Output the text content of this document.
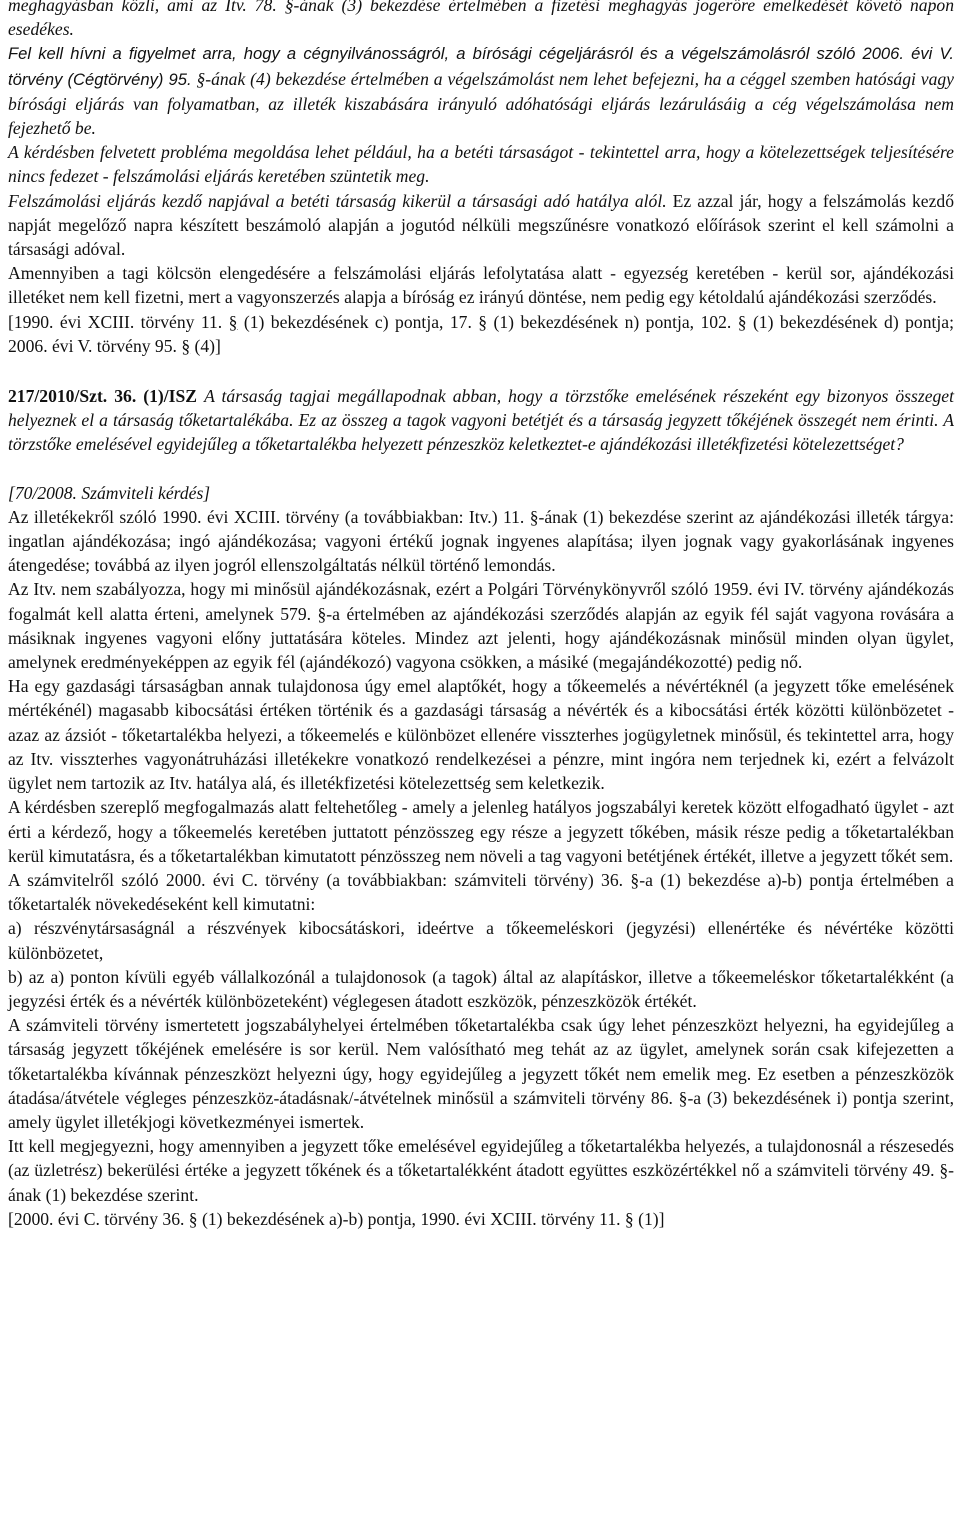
meghagyásban közli, ami az Itv. 78. §-ának (3) bekezdése értelmében a fizetési meghagyás jogerőre emelkedését követő napon esedékes.

Fel kell hívni a figyelmet arra, hogy a cégnyilvánosságról, a bírósági cégeljárásról és a végelszámolásról szóló 2006. évi V. törvény (Cégtörvény) 95. §-ának (4) bekezdése értelmében a végelszámolást nem lehet befejezni, ha a céggel szemben hatósági vagy bírósági eljárás van folyamatban, az illeték kiszabására irányuló adóhatósági eljárás lezárulásáig a cég végelszámolása nem fejezhető be.

A kérdésben felvetett probléma megoldása lehet például, ha a betéti társaságot - tekintettel arra, hogy a kötelezettségek teljesítésére nincs fedezet - felszámolási eljárás keretében szüntetik meg.

Felszámolási eljárás kezdő napjával a betéti társaság kikerül a társasági adó hatálya alól. Ez azzal jár, hogy a felszámolás kezdő napját megelőző napra készített beszámoló alapján a jogutód nélküli megszűnésre vonatkozó előírások szerint el kell számolni a társasági adóval.

Amennyiben a tagi kölcsön elengedésére a felszámolási eljárás lefolytatása alatt - egyezség keretében - kerül sor, ajándékozási illetéket nem kell fizetni, mert a vagyonszerzés alapja a bíróság ez irányú döntése, nem pedig egy kétoldalú ajándékozási szerződés.

[1990. évi XCIII. törvény 11. § (1) bekezdésének c) pontja, 17. § (1) bekezdésének n) pontja, 102. § (1) bekezdésének d) pontja; 2006. évi V. törvény 95. § (4)]

217/2010/Szt. 36. (1)/ISZ A társaság tagjai megállapodnak abban, hogy a törzstőke emelésének részeként egy bizonyos összeget helyeznek el a társaság tőketartalékába. Ez az összeg a tagok vagyoni betétjét és a társaság jegyzett tőkéjének összegét nem érinti. A törzstőke emelésével egyidejűleg a tőketartalékba helyezett pénzeszköz keletkeztet-e ajándékozási illetékfizetési kötelezettséget?

[70/2008. Számviteli kérdés]

Az illetékekről szóló 1990. évi XCIII. törvény (a továbbiakban: Itv.) 11. §-ának (1) bekezdése szerint az ajándékozási illeték tárgya: ingatlan ajándékozása; ingó ajándékozása; vagyoni értékű jognak ingyenes alapítása; ilyen jognak vagy gyakorlásának ingyenes átengedése; továbbá az ilyen jogról ellenszolgáltatás nélkül történő lemondás.

Az Itv. nem szabályozza, hogy mi minősül ajándékozásnak, ezért a Polgári Törvénykönyvről szóló 1959. évi IV. törvény ajándékozás fogalmát kell alatta érteni, amelynek 579. §-a értelmében az ajándékozási szerződés alapján az egyik fél saját vagyona rovására a másiknak ingyenes vagyoni előny juttatására köteles. Mindez azt jelenti, hogy ajándékozásnak minősül minden olyan ügylet, amelynek eredményeképpen az egyik fél (ajándékozó) vagyona csökken, a másiké (megajándékozotté) pedig nő.

Ha egy gazdasági társaságban annak tulajdonosa úgy emel alaptőkét, hogy a tőkeemelés a névértéknél (a jegyzett tőke emelésének mértékénél) magasabb kibocsátási értéken történik és a gazdasági társaság a névérték és a kibocsátási érték közötti különbözetet - azaz az ázsiót - tőketartalékba helyezi, a tőkeemelés e különbözet ellenére visszterhes jogügyletnek minősül, és tekintettel arra, hogy az Itv. visszterhes vagyonátruházási illetékekre vonatkozó rendelkezései a pénzre, mint ingóra nem terjednek ki, ezért a felvázolt ügylet nem tartozik az Itv. hatálya alá, és illetékfizetési kötelezettség sem keletkezik.

A kérdésben szereplő megfogalmazás alatt feltehetőleg - amely a jelenleg hatályos jogszabályi keretek között elfogadható ügylet - azt érti a kérdező, hogy a tőkeemelés keretében juttatott pénzösszeg egy része a jegyzett tőkében, másik része pedig a tőketartalékban kerül kimutatásra, és a tőketartalékban kimutatott pénzösszeg nem növeli a tag vagyoni betétjének értékét, illetve a jegyzett tőkét sem.

A számvitelről szóló 2000. évi C. törvény (a továbbiakban: számviteli törvény) 36. §-a (1) bekezdése a)-b) pontja értelmében a tőketartalék növekedéseként kell kimutatni:

a) részvénytársaságnál a részvények kibocsátáskori, ideértve a tőkeemeléskori (jegyzési) ellenértéke és névértéke közötti különbözetet,

b) az a) ponton kívüli egyéb vállalkozónál a tulajdonosok (a tagok) által az alapításkor, illetve a tőkeemeléskor tőketartalékként (a jegyzési érték és a névérték különbözeteként) véglegesen átadott eszközök, pénzeszközök értékét.

A számviteli törvény ismertetett jogszabályhelyei értelmében tőketartalékba csak úgy lehet pénzeszközt helyezni, ha egyidejűleg a társaság jegyzett tőkéjének emelésére is sor kerül. Nem valósítható meg tehát az az ügylet, amelynek során csak kifejezetten a tőketartalékba kívánnak pénzeszközt helyezni úgy, hogy egyidejűleg a jegyzett tőkét nem emelik meg. Ez esetben a pénzeszközök átadása/átvétele végleges pénzeszköz-átadásnak/-átvételnek minősül a számviteli törvény 86. §-a (3) bekezdésének i) pontja szerint, amely ügylet illetékjogi következményei ismertek.

Itt kell megjegyezni, hogy amennyiben a jegyzett tőke emelésével egyidejűleg a tőketartalékba helyezés, a tulajdonosnál a részesedés (az üzletrész) bekerülési értéke a jegyzett tőkének és a tőketartalékként átadott együttes eszközértékkel nő a számviteli törvény 49. §-ának (1) bekezdése szerint.

[2000. évi C. törvény 36. § (1) bekezdésének a)-b) pontja, 1990. évi XCIII. törvény 11. § (1)]
